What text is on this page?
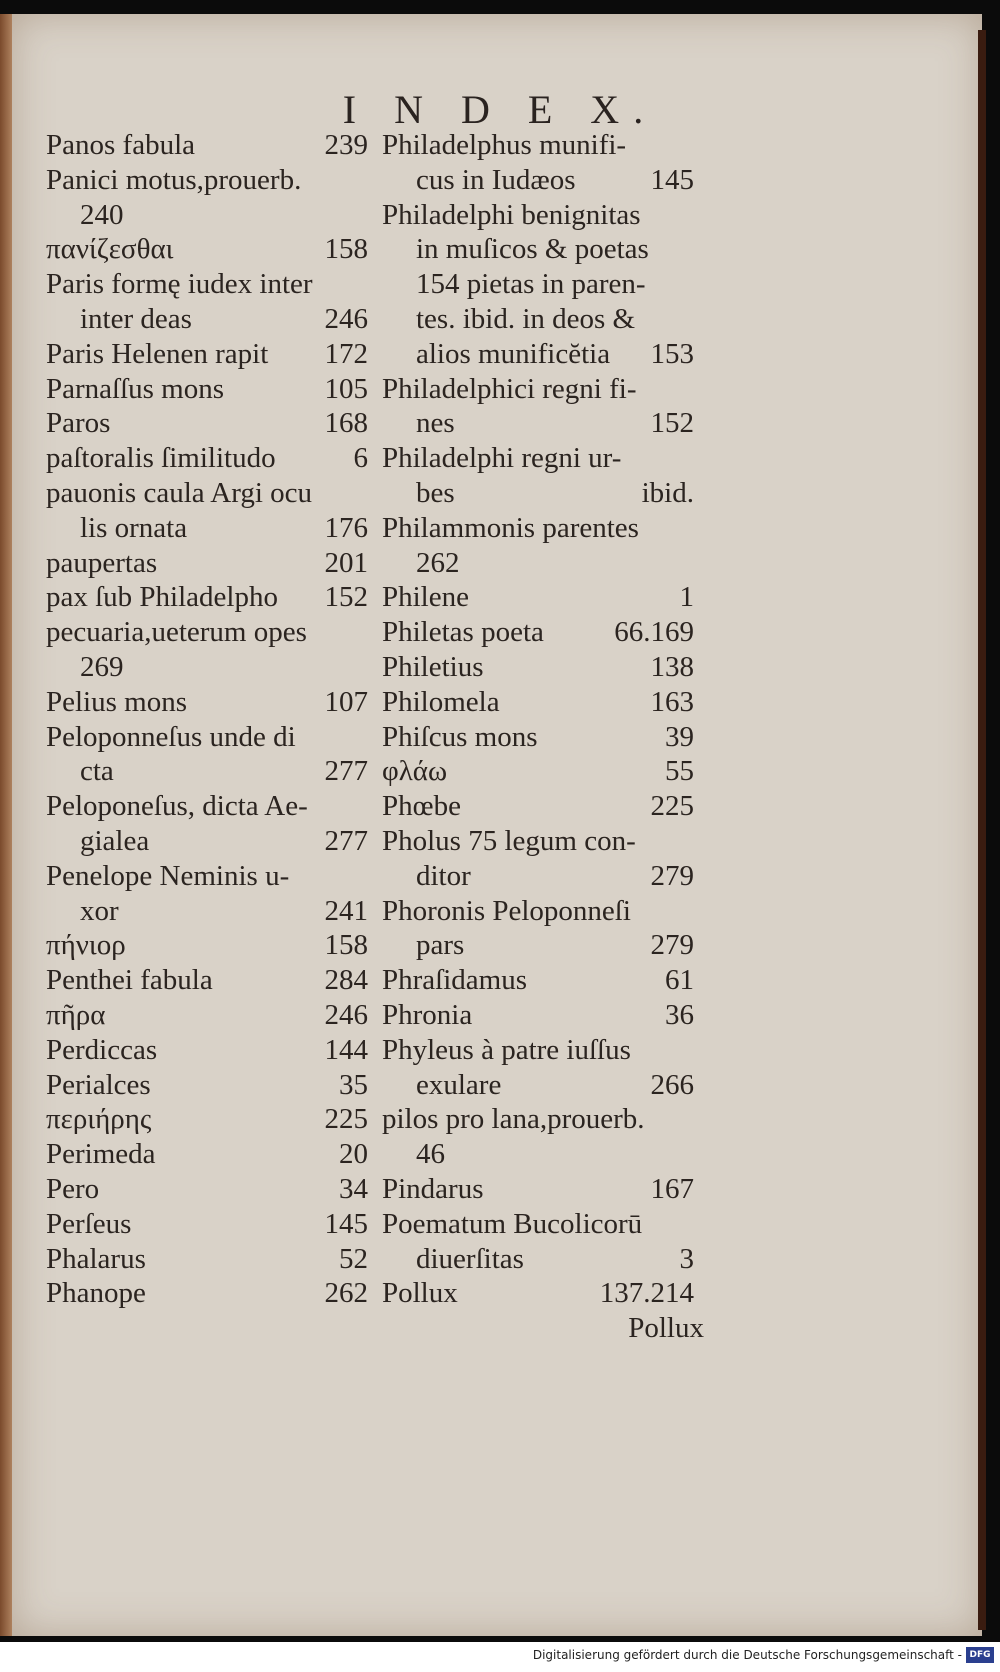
I N D E X.
Panos fabula	239
Panici motus,prouerb.
240
πανίζεσθαι	158
Paris formę iudex inter
inter deas	246
Paris Helenen rapit 172
Parnaſſus mons	105
Paros	168
paſtoralis ſimilitudo	6
pauonis caula Argi ocu
lis ornata	176
paupertas	201
pax ſub Philadelpho 152
pecuaria,ueterum opes
269
Pelius mons	107
Peloponneſus unde di
cta	277
Peloponeſus, dicta Ae-
gialea	277
Penelope Neminis u-
xor	241
πήνιορ	158
Penthei fabula	284
πῆρα	246
Perdiccas	144
Perialces	35
περιήρης	225
Perimeda	20
Pero	34
Perſeus	145
Phalarus	52
Phanope	262
Philadelphus munifi-
cus in Iudæos	145
Philadelphi benignitas
in muſicos & poetas
154 pietas in paren-
tes. ibid. in deos &
alios munificĕtia 153
Philadelphici regni fi-
nes	152
Philadelphi regni ur-
bes	ibid.
Philammonis parentes
262
Philene	1
Philetas poeta 66.169
Philetius	138
Philomela	163
Phiſcus mons	39
φλάω	55
Phœbe	225
Pholus 75 legum con-
ditor	279
Phoronis Peloponneſi
pars	279
Phraſidamus	61
Phronia	36
Phyleus à patre iuſſus
exulare	266
pilos pro lana,prouerb.
46
Pindarus	167
Poematum Bucolicorū
diuerſitas	3
Pollux	137.214
Pollux
Digitalisierung gefördert durch die Deutsche Forschungsgemeinschaft - DFG
